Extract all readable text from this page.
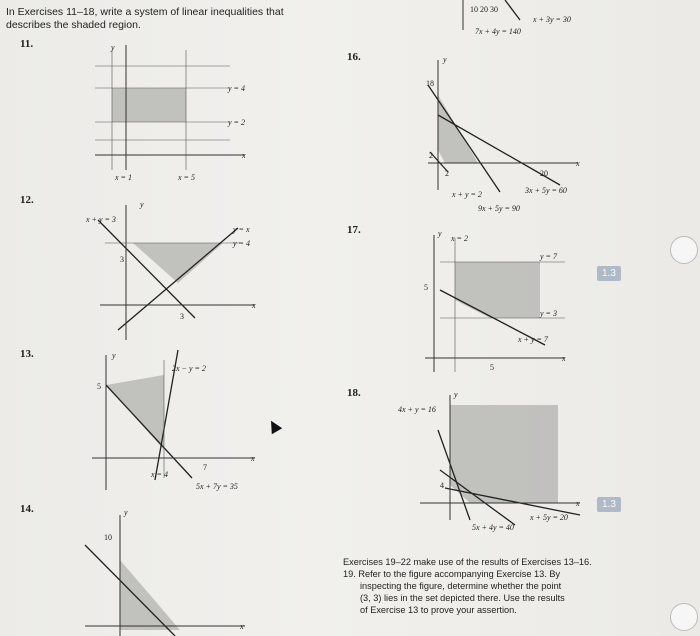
In Exercises 11–18, write a system of linear inequalities that describes the shaded region.
11.
12.
13.
14.
16.
17.
18.
y = 4
y = 2
x = 1	x = 5
x
y
x + y = 3
y = x
y = 4
3
3
x
y
2x − y = 2
5x + 7y = 35
x = 4
5
7
x
y
10
x
y
10 20 30
x + 3y = 30
7x + 4y = 140
18
2
2	20
x + y = 2	3x + 5y = 60
9x + 5y = 90
x
y
x = 2
y = 7
y = 3
x + y = 7
5
5
x
y
4x + y = 16
x + 5y = 20
5x + 4y = 40
4
x
y
1.3
1.3
Exercises 19–22 make use of the results of Exercises 13–16.
19. Refer to the figure accompanying Exercise 13. By
inspecting the figure, determine whether the point
(3, 3) lies in the set depicted there. Use the results
of Exercise 13 to prove your assertion.
